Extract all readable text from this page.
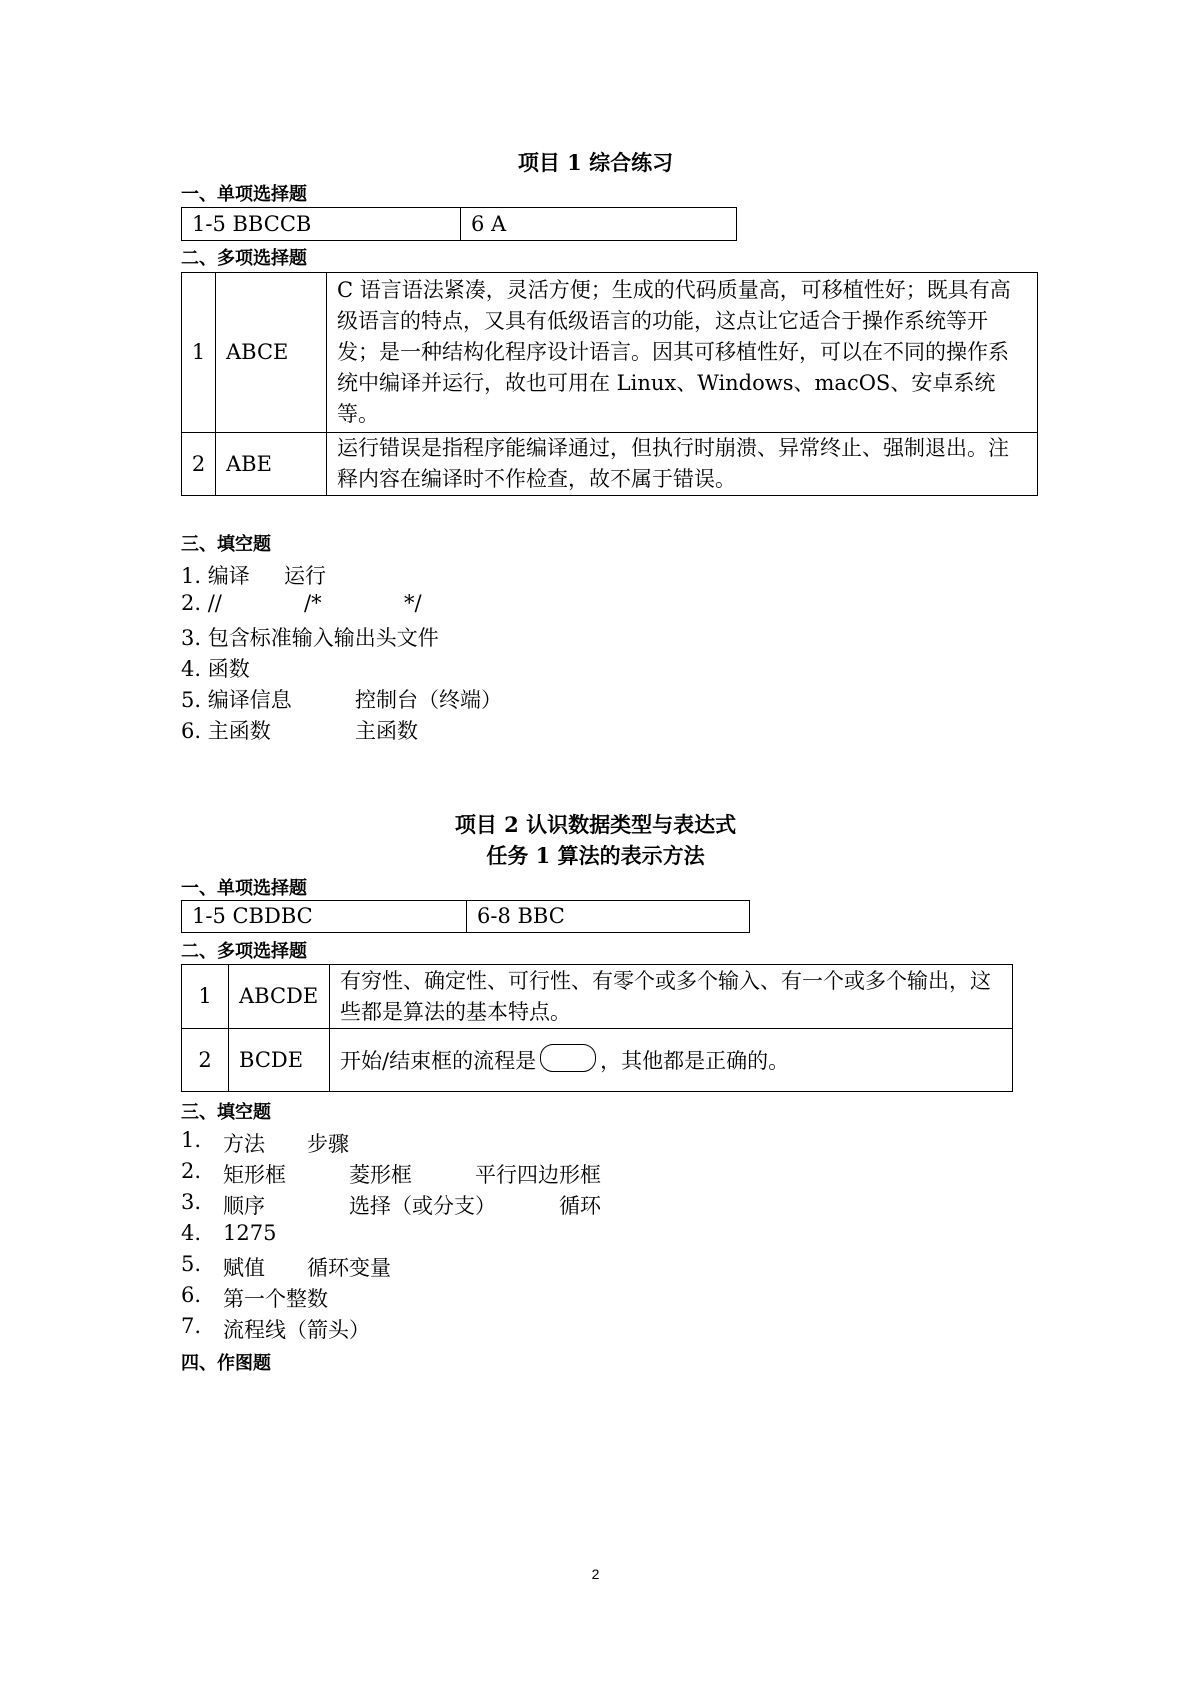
项目 1 综合练习
一、单项选择题
1-5 BBCCB	6 A
二、多项选择题
1	ABCE	C 语言语法紧凑，灵活方便；生成的代码质量高，可移植性好；既具有高级语言的特点，又具有低级语言的功能，这点让它适合于操作系统等开发；是一种结构化程序设计语言。因其可移植性好，可以在不同的操作系统中编译并运行，故也可用在 Linux、Windows、macOS、安卓系统等。
2	ABE	运行错误是指程序能编译通过，但执行时崩溃、异常终止、强制退出。注释内容在编译时不作检查，故不属于错误。
三、填空题
1. 编译 运行
2. //	/*	*/
3. 包含标准输入输出头文件
4. 函数
5. 编译信息	控制台（终端）
6. 主函数	主函数
项目 2 认识数据类型与表达式
任务 1 算法的表示方法
一、单项选择题
1-5 CBDBC	6-8 BBC
二、多项选择题
1	ABCDE	有穷性、确定性、可行性、有零个或多个输入、有一个或多个输出，这些都是算法的基本特点。
2	BCDE	开始/结束框的流程是 ，其他都是正确的。
三、填空题
1. 方法 步骤
2. 矩形框	菱形框	平行四边形框
3. 顺序	选择（或分支）	循环
4. 1275
5. 赋值 循环变量
6. 第一个整数
7. 流程线（箭头）
四、作图题
2
